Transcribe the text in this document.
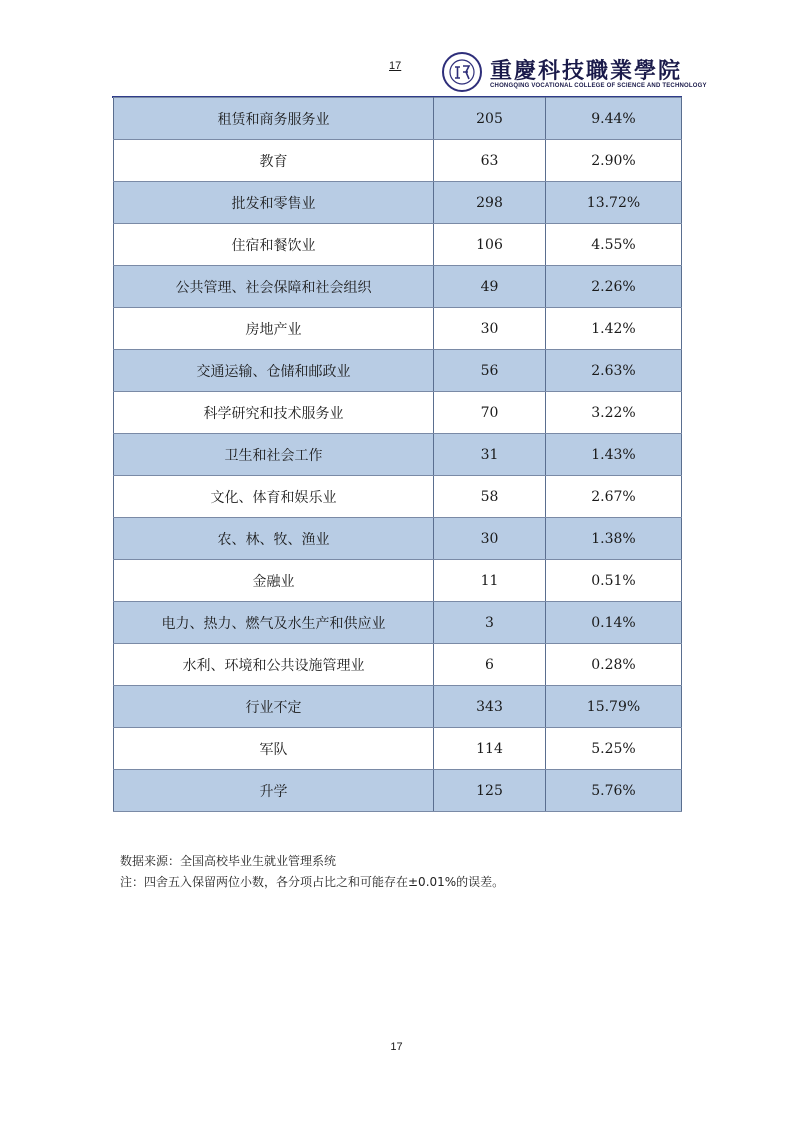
17	重慶科技職業學院
CHONGQING VOCATIONAL COLLEGE OF SCIENCE AND TECHNOLOGY
租赁和商务服务业	205	9.44%
教育	63	2.90%
批发和零售业	298	13.72%
住宿和餐饮业	106	4.55%
公共管理、社会保障和社会组织	49	2.26%
房地产业	30	1.42%
交通运输、仓储和邮政业	56	2.63%
科学研究和技术服务业	70	3.22%
卫生和社会工作	31	1.43%
文化、体育和娱乐业	58	2.67%
农、林、牧、渔业	30	1.38%
金融业	11	0.51%
电力、热力、燃气及水生产和供应业	3	0.14%
水利、环境和公共设施管理业	6	0.28%
行业不定	343	15.79%
军队	114	5.25%
升学	125	5.76%
数据来源：全国高校毕业生就业管理系统
注：四舍五入保留两位小数，各分项占比之和可能存在±0.01%的误差。
17
